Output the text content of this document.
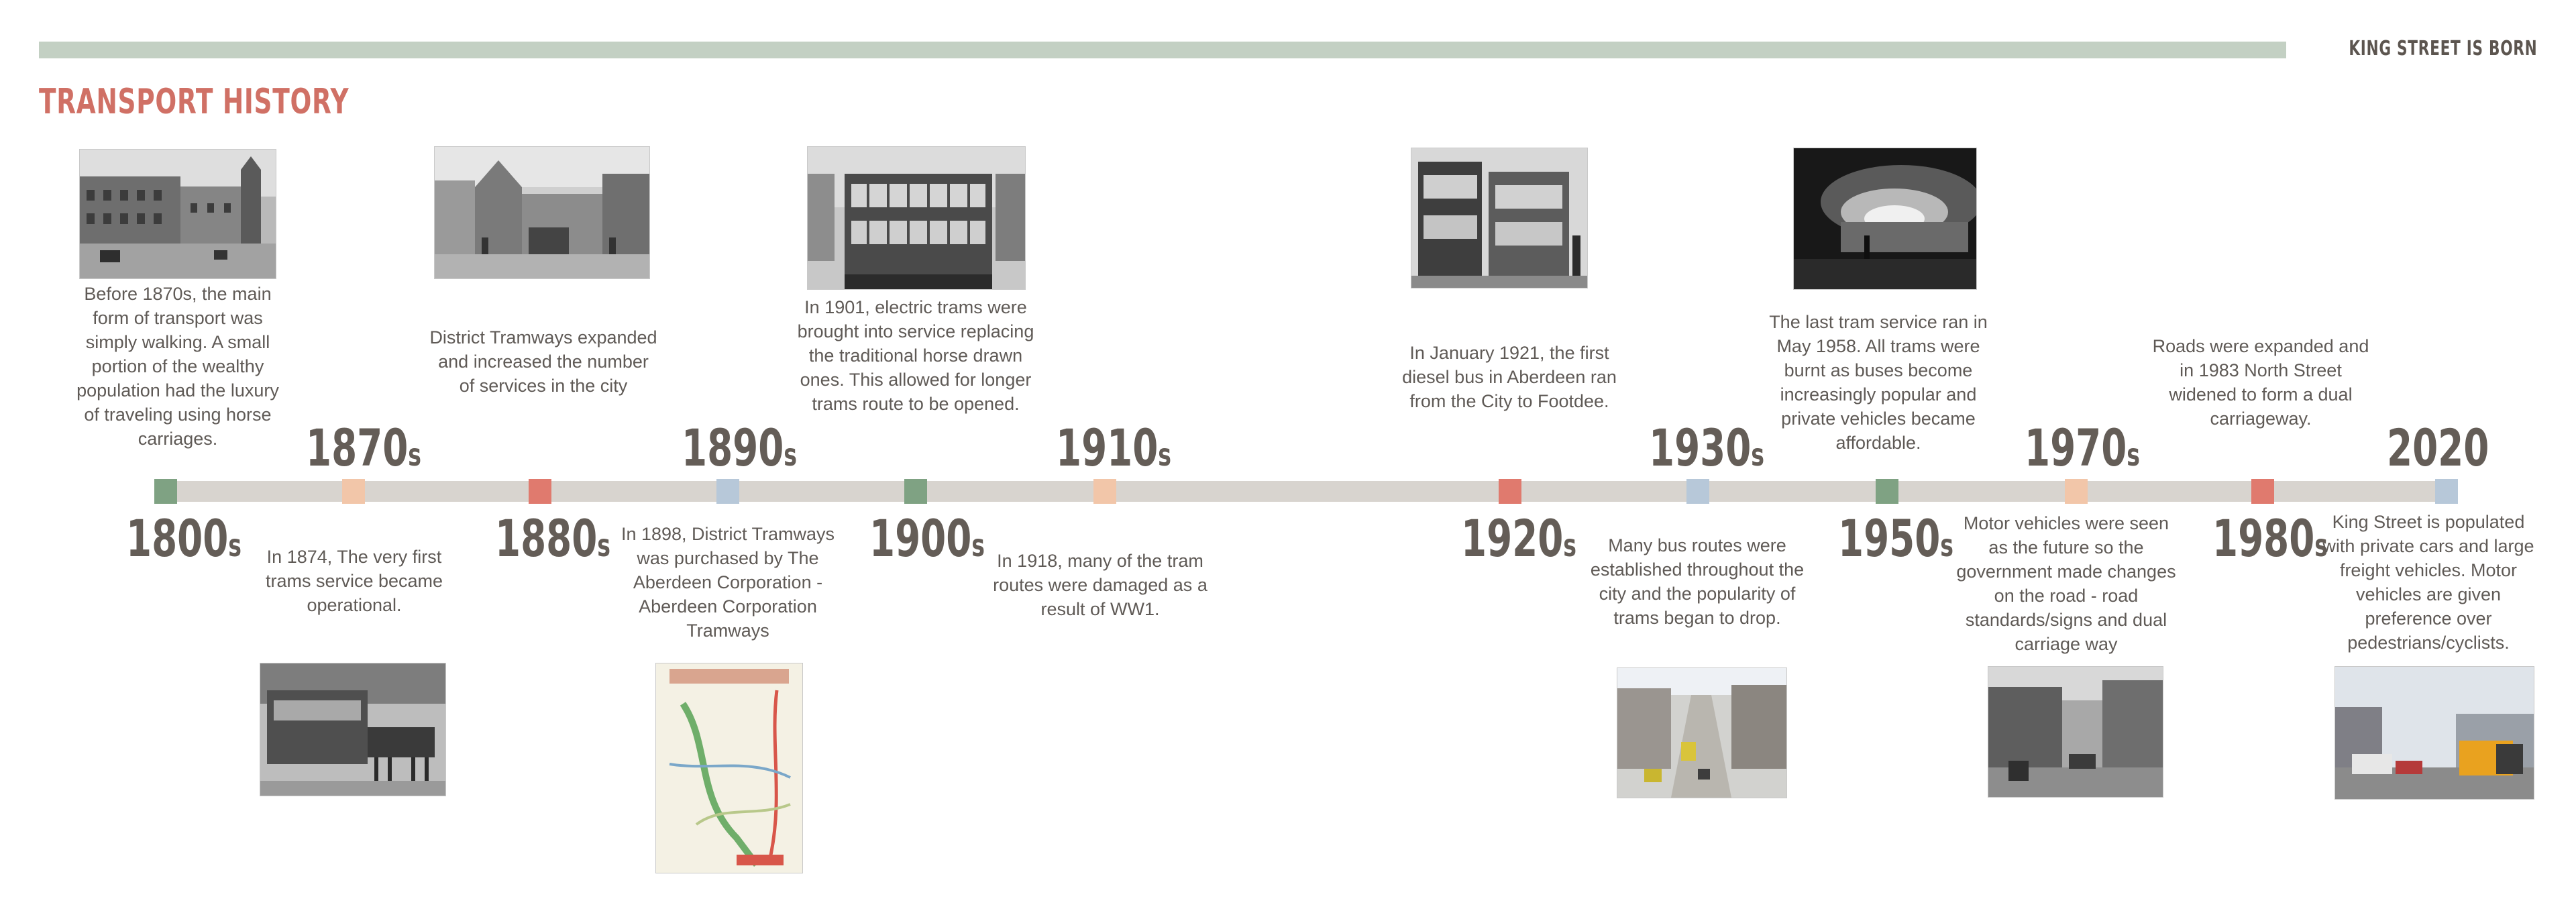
KING STREET IS BORN
TRANSPORT HISTORY
1800s
1870s
1880s
1890s
1900s
1910s
1920s
1930s
1950s
1970s
1980s
2020
Before 1870s, the main form of transport was simply walking. A small portion of the wealthy population had the luxury of traveling using horse carriages.
In 1874, The very first trams service became operational.
District Tramways expanded and increased the number of services in the city
In 1898, District Tramways was purchased by The Aberdeen Corporation - Aberdeen Corporation Tramways
In 1901, electric trams were brought into service replacing the traditional horse drawn ones. This allowed for longer trams route to be opened.
In 1918, many of the tram routes were damaged as a result of WW1.
In January 1921, the first diesel bus in Aberdeen ran from the City to Footdee.
Many bus routes were established throughout the city and the popularity of trams began to drop.
The last tram service ran in May 1958. All trams were burnt as buses become increasingly popular and private vehicles became affordable.
Motor vehicles were seen as the future so the government made changes on the road - road standards/signs and dual carriage way
Roads were expanded and in 1983 North Street widened to form a dual carriageway.
King Street is populated with private cars and large freight vehicles. Motor vehicles are given preference over pedestrians/cyclists.
